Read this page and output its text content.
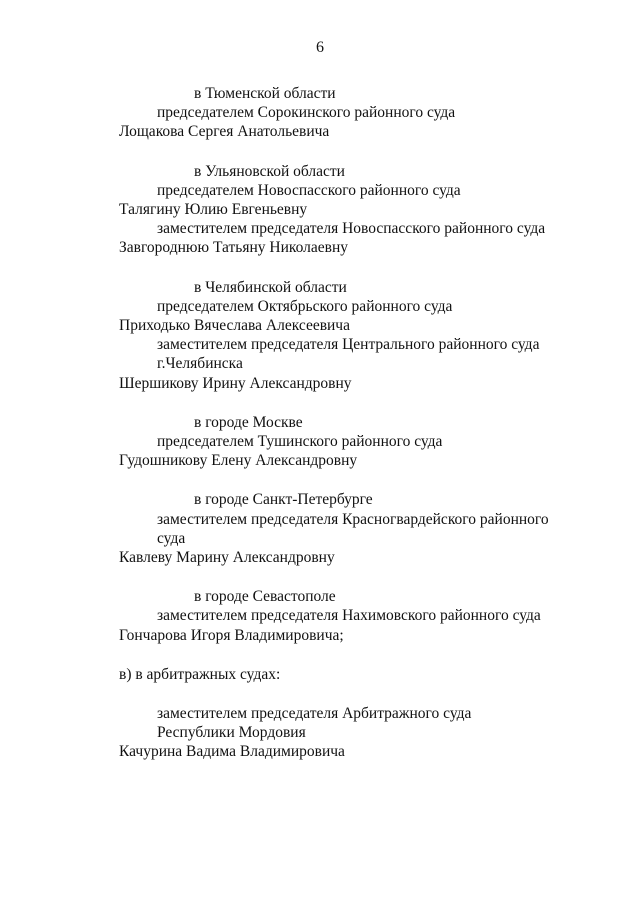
6
в Тюменской области
председателем Сорокинского районного суда
Лощакова Сергея Анатольевича
в Ульяновской области
председателем Новоспасского районного суда
Талягину Юлию Евгеньевну
заместителем председателя Новоспасского районного суда
Завгороднюю Татьяну Николаевну
в Челябинской области
председателем Октябрьского районного суда
Приходько Вячеслава Алексеевича
заместителем председателя Центрального районного суда
г.Челябинска
Шершикову Ирину Александровну
в городе Москве
председателем Тушинского районного суда
Гудошникову Елену Александровну
в городе Санкт-Петербурге
заместителем председателя Красногвардейского районного
суда
Кавлеву Марину Александровну
в городе Севастополе
заместителем председателя Нахимовского районного суда
Гончарова Игоря Владимировича;
в) в арбитражных судах:
заместителем председателя Арбитражного суда
Республики Мордовия
Качурина Вадима Владимировича
